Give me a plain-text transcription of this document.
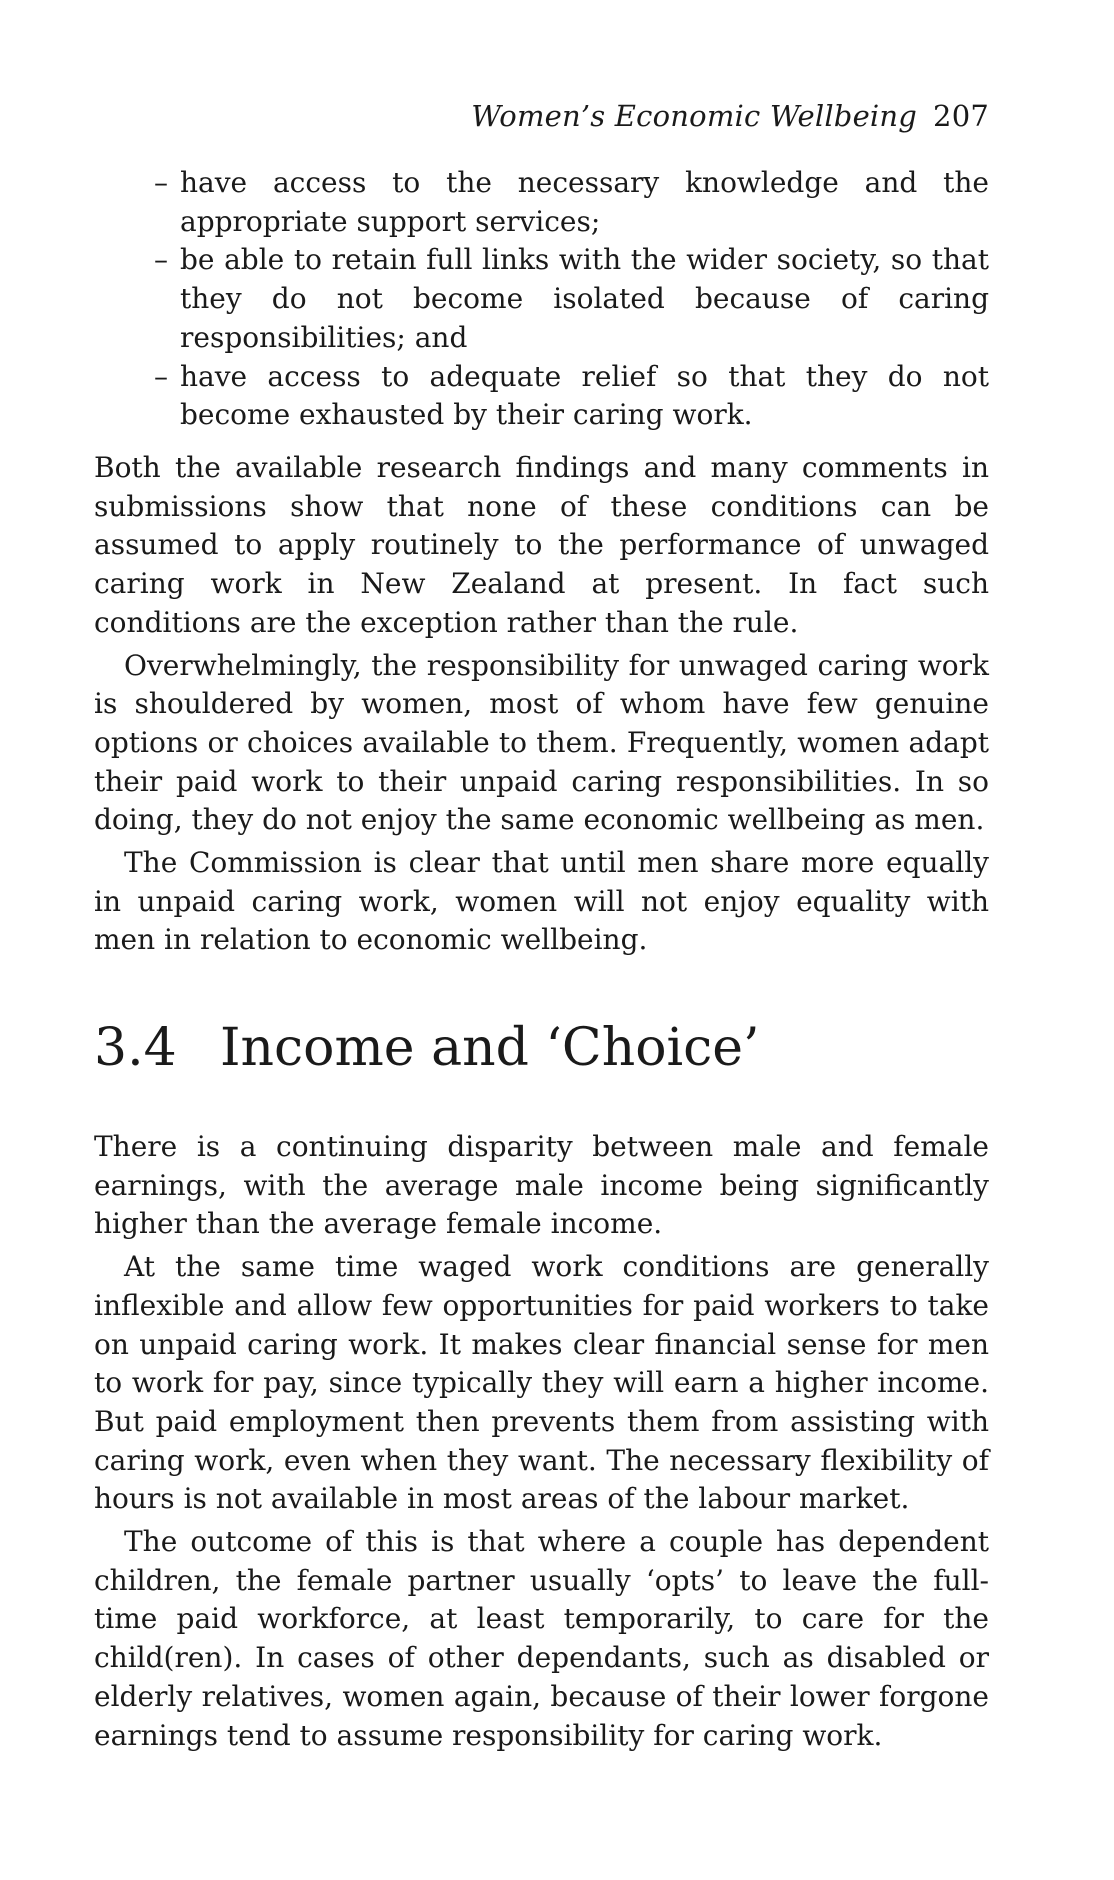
Women’s Economic Wellbeing 207
– have access to the necessary knowledge and the appropriate support services;
– be able to retain full links with the wider society, so that they do not become isolated because of caring responsibilities; and
– have access to adequate relief so that they do not become exhausted by their caring work.

Both the available research findings and many comments in submissions show that none of these conditions can be assumed to apply routinely to the performance of unwaged caring work in New Zealand at present. In fact such conditions are the exception rather than the rule.

Overwhelmingly, the responsibility for unwaged caring work is shouldered by women, most of whom have few genuine options or choices available to them. Frequently, women adapt their paid work to their unpaid caring responsibilities. In so doing, they do not enjoy the same economic wellbeing as men.

The Commission is clear that until men share more equally in unpaid caring work, women will not enjoy equality with men in relation to economic wellbeing.

3.4 Income and ‘Choice’

There is a continuing disparity between male and female earnings, with the average male income being significantly higher than the average female income.

At the same time waged work conditions are generally inflexible and allow few opportunities for paid workers to take on unpaid caring work. It makes clear financial sense for men to work for pay, since typically they will earn a higher income. But paid employment then prevents them from assisting with caring work, even when they want. The necessary flexibility of hours is not available in most areas of the labour market.

The outcome of this is that where a couple has dependent children, the female partner usually ‘opts’ to leave the full-time paid workforce, at least temporarily, to care for the child(ren). In cases of other dependants, such as disabled or elderly relatives, women again, because of their lower forgone earnings tend to assume responsibility for caring work.
